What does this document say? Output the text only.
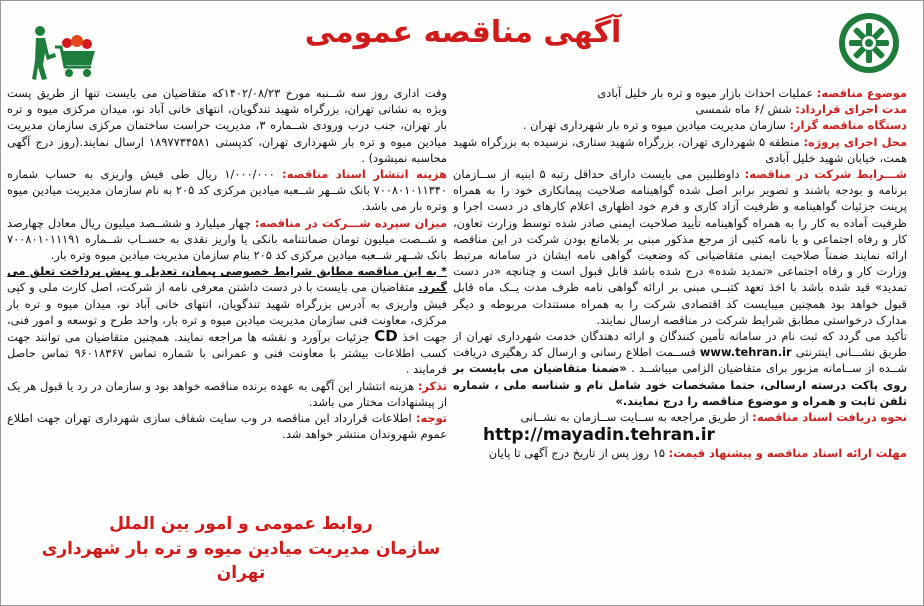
آگهی مناقصه عمومی

موضوع مناقصه: عملیات احداث بازار میوه و تره بار خلیل آبادی

مدت اجرای قرارداد: شش /۶ ماه شمسی

دستگاه مناقصه گزار: سازمان مدیریت میادین میوه و تره بار شهرداری تهران .

محل اجرای پروژه: منطقه ۵ شهرداری تهران، بزرگراه شهید ستاری، نرسیده به بزرگراه شهید همت، خیابان شهید خلیل آبادی

شـــرایط شرکت در مناقصه: داوطلبین می بایست دارای حداقل رتبه ۵ ابنیه از ســازمان برنامه و بودجه باشند و تصویر برابر اصل شده گواهینامه صلاحیت پیمانکاری خود را به همراه پرینت جزئیات گواهینامه و ظرفیت آزاد کاری و فرم خود اظهاری اعلام کارهای در دست اجرا و ظرفیت آماده به کار را به همراه گواهینامه تأیید صلاحیت ایمنی صادر شده توسط وزارت تعاون، کار و رفاه اجتماعی و یا نامه کتبی از مرجع مذکور مبنی بر بلامانع بودن شرکت در این مناقصه ارائه نمایند ضمناً صلاحیت ایمنی متقاضیانی که وضعیت گواهی نامه ایشان در سامانه مرتبط وزارت کار و رفاه اجتماعی «تمدید شده» درج شده باشد قابل قبول است و چنانچه «در دست تمدید» قید شده باشد با اخذ تعهد کتبــی مبنی بر ارائه گواهی نامه ظرف مدت یــک ماه قابل قبول خواهد بود همچنین میبایست کد اقتصادی شرکت را به همراه مستندات مربوطه و دیگر مدارک درخواستی مطابق شرایط شرکت در مناقصه ارسال نمایند.

تأکید می گردد که ثبت نام در سامانه تأمین کنندگان و ارائه دهندگان خدمت شهرداری تهران از طریق نشـــانی اینترنتی www.tehran.ir قســمت اطلاع رسانی و ارسال کد رهگیری دریافت شــده از ســامانه مزبور برای متقاضیان الزامی میباشــد . «ضمنا متقاضیان می بایست بر روی پاکت درسته ارسالی، حتما مشخصات خود شامل نام و شناسه ملی ، شماره تلفن ثابت و همراه و موضوع مناقصه را درج نمایند.»

نحوه دریافت اسناد مناقصه: از طریق مراجعه به ســایت ســازمان به نشــانی

http://mayadin.tehran.ir

مهلت ارائه اسناد مناقصه و پیشنهاد قیمت: ۱۵ روز پس از تاریخ درج آگهی تا پایان

وقت اداری روز سه شــنبه مورخ ۱۴۰۲/۰۸/۲۳که متقاضیان می بایست تنها از طریق پست ویژه به نشانی تهران، بزرگراه شهید تندگویان، انتهای خانی آباد نو، میدان مرکزی میوه و تره بار تهران، جنب درب ورودی شــماره ۳، مدیریت حراست ساختمان مرکزی سازمان مدیریت میادین میوه و تره بار شهرداری تهران، کدپستی ۱۸۹۷۷۳۴۵۸۱ ارسال نمایند.(روز درج آگهی محاسبه نمیشود) .

هزینه انتشار اسناد مناقصه: ۱/۰۰۰/۰۰۰ ریال طی فیش واریزی به حساب شماره ۷۰۰۸۰۱۰۱۱۳۴۰ بانک شــهر شــعبه میادین مرکزی کد ۲۰۵ به نام سازمان مدیریت میادین میوه وتره بار می باشد.

میزان سپرده شـــرکت در مناقصه: چهار میلیارد و ششــصد میلیون ریال معادل چهارصد و شــصت میلیون تومان ضمانتنامه بانکی یا واریز نقدی به حســاب شــماره ۷۰۰۸۰۱۰۱۱۱۹۱ بانک شــهر شــعبه میادین مرکزی کد ۲۰۵ بنام سازمان مدیریت میادین میوه وتره بار.

* به این مناقصه مطابق شرایط خصوصی پیمان، تعدیل و پیش پرداخت تعلق می گیرد. متقاضیان می بایست با در دست داشتن معرفی نامه از شرکت، اصل کارت ملی و کپی فیش واریزی به آدرس بزرگراه شهید تندگویان، انتهای خانی آباد نو، میدان میوه و تره بار مرکزی، معاونت فنی سازمان مدیریت میادین میوه و تره بار، واحد طرح و توسعه و امور فنی، جهت اخذ CD جزئیات برآورد و نقشه ها مراجعه نمایند. همچنین متقاضیان می توانند جهت کسب اطلاعات بیشتر با معاونت فنی و عمرانی با شماره تماس ۹۶۰۱۸۳۶۷ تماس حاصل فرمایند .

تذکر: هزینه انتشار این آگهی به عهده برنده مناقصه خواهد بود و سازمان در رد یا قبول هر یک از پیشنهادات مختار می باشد.

توجه: اطلاعات قرارداد این مناقصه در وب سایت شفاف سازی شهرداری تهران جهت اطلاع عموم شهروندان منتشر خواهد شد.

روابط عمومی و امور بین الملل
سازمان مدیریت میادین میوه و تره بار شهرداری تهران
